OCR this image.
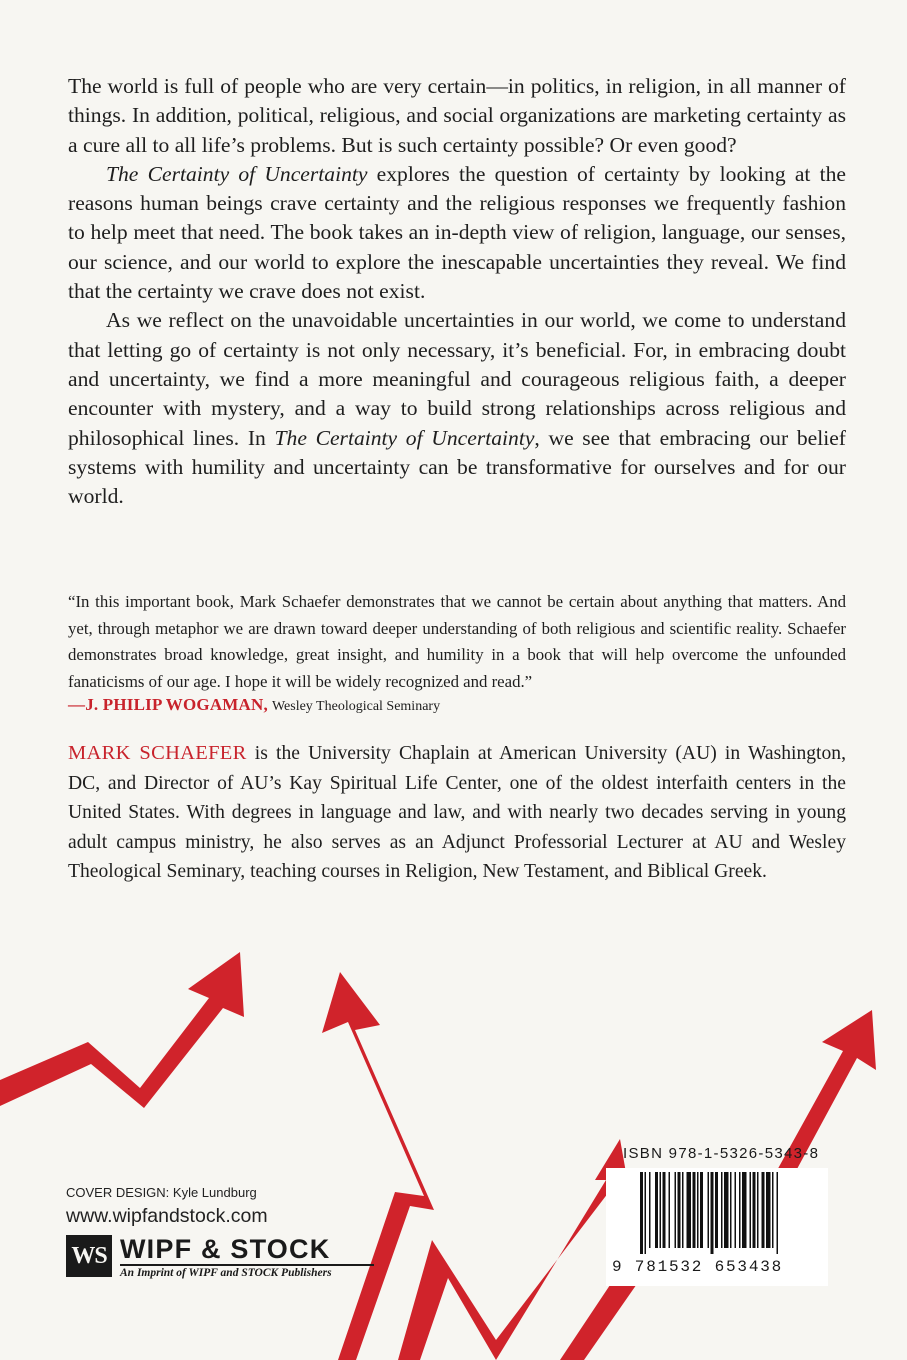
The world is full of people who are very certain—in politics, in religion, in all manner of things. In addition, political, religious, and social organizations are marketing certainty as a cure all to all life’s problems. But is such certainty possible? Or even good?

The Certainty of Uncertainty explores the question of certainty by looking at the reasons human beings crave certainty and the religious responses we frequently fashion to help meet that need. The book takes an in-depth view of religion, language, our senses, our science, and our world to explore the inescapable uncertainties they reveal. We find that the certainty we crave does not exist.

As we reflect on the unavoidable uncertainties in our world, we come to understand that letting go of certainty is not only necessary, it’s beneficial. For, in embracing doubt and uncertainty, we find a more meaningful and courageous religious faith, a deeper encounter with mystery, and a way to build strong relationships across religious and philosophical lines. In The Certainty of Uncertainty, we see that embracing our belief systems with humility and uncertainty can be transformative for ourselves and for our world.

“In this important book, Mark Schaefer demonstrates that we cannot be certain about anything that matters. And yet, through metaphor we are drawn toward deeper understanding of both religious and scientific reality. Schaefer demonstrates broad knowledge, great insight, and humility in a book that will help overcome the unfounded fanaticisms of our age. I hope it will be widely recognized and read.”

—J. PHILIP WOGAMAN, Wesley Theological Seminary

MARK SCHAEFER is the University Chaplain at American University (AU) in Washington, DC, and Director of AU’s Kay Spiritual Life Center, one of the oldest interfaith centers in the United States. With degrees in language and law, and with nearly two decades serving in young adult campus ministry, he also serves as an Adjunct Professorial Lecturer at AU and Wesley Theological Seminary, teaching courses in Religion, New Testament, and Biblical Greek.

COVER DESIGN: Kyle Lundburg
www.wipfandstock.com
WS WIPF & STOCK
An Imprint of WIPF and STOCK Publishers
ISBN 978-1-5326-5343-8
9 781532 653438
